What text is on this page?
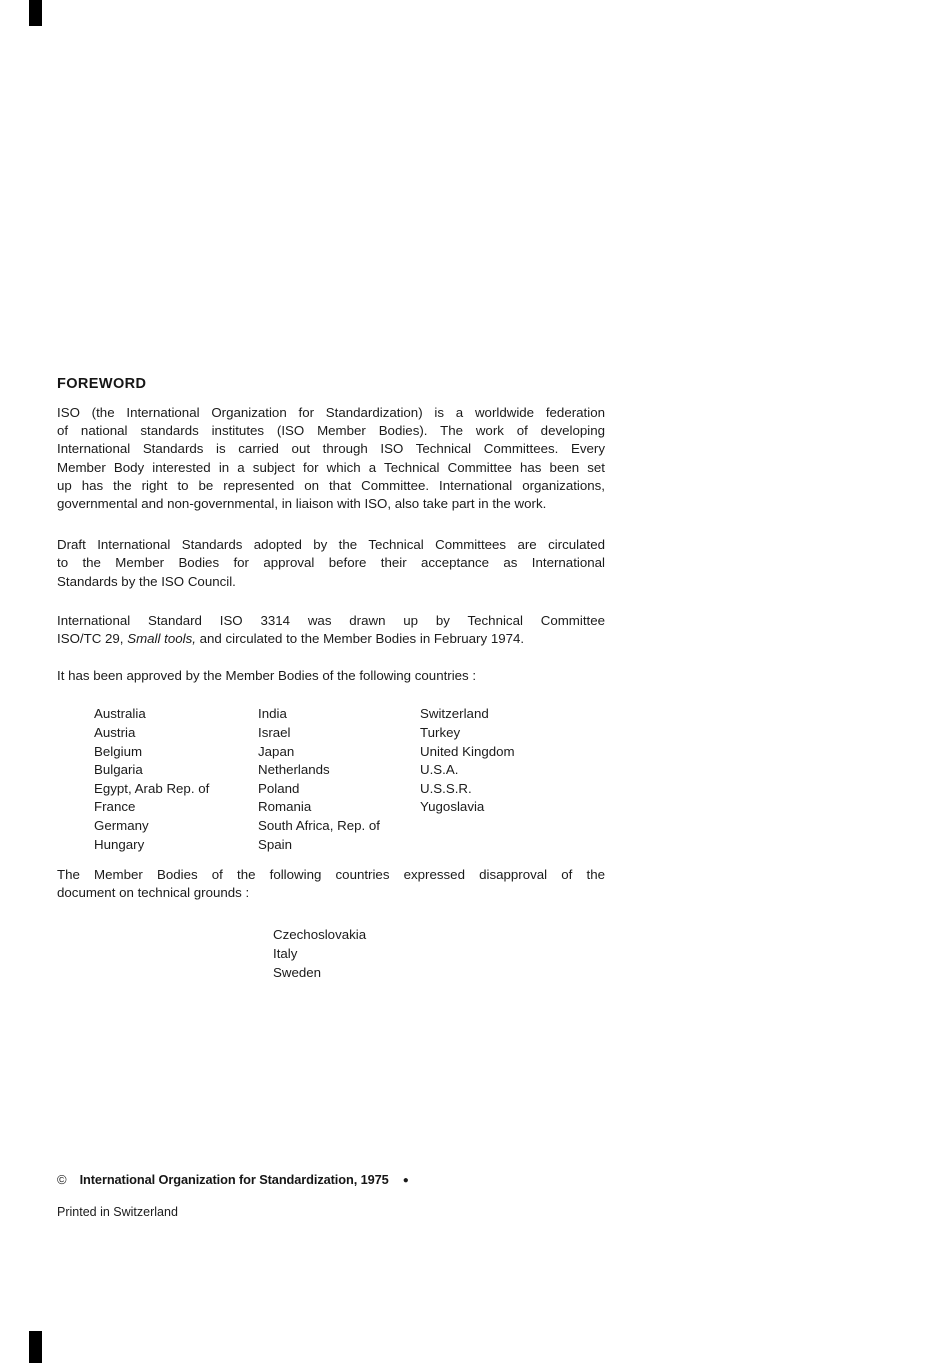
FOREWORD
ISO (the International Organization for Standardization) is a worldwide federation
of national standards institutes (ISO Member Bodies). The work of developing
International Standards is carried out through ISO Technical Committees. Every
Member Body interested in a subject for which a Technical Committee has been set
up has the right to be represented on that Committee. International organizations,
governmental and non-governmental, in liaison with ISO, also take part in the work.
Draft International Standards adopted by the Technical Committees are circulated
to the Member Bodies for approval before their acceptance as International
Standards by the ISO Council.
International Standard ISO 3314 was drawn up by Technical Committee
ISO/TC 29, Small tools, and circulated to the Member Bodies in February 1974.
It has been approved by the Member Bodies of the following countries :
Australia
Austria
Belgium
Bulgaria
Egypt, Arab Rep. of
France
Germany
Hungary
India
Israel
Japan
Netherlands
Poland
Romania
South Africa, Rep. of
Spain
Switzerland
Turkey
United Kingdom
U.S.A.
U.S.S.R.
Yugoslavia
The Member Bodies of the following countries expressed disapproval of the
document on technical grounds :
Czechoslovakia
Italy
Sweden
© International Organization for Standardization, 1975 ●
Printed in Switzerland
